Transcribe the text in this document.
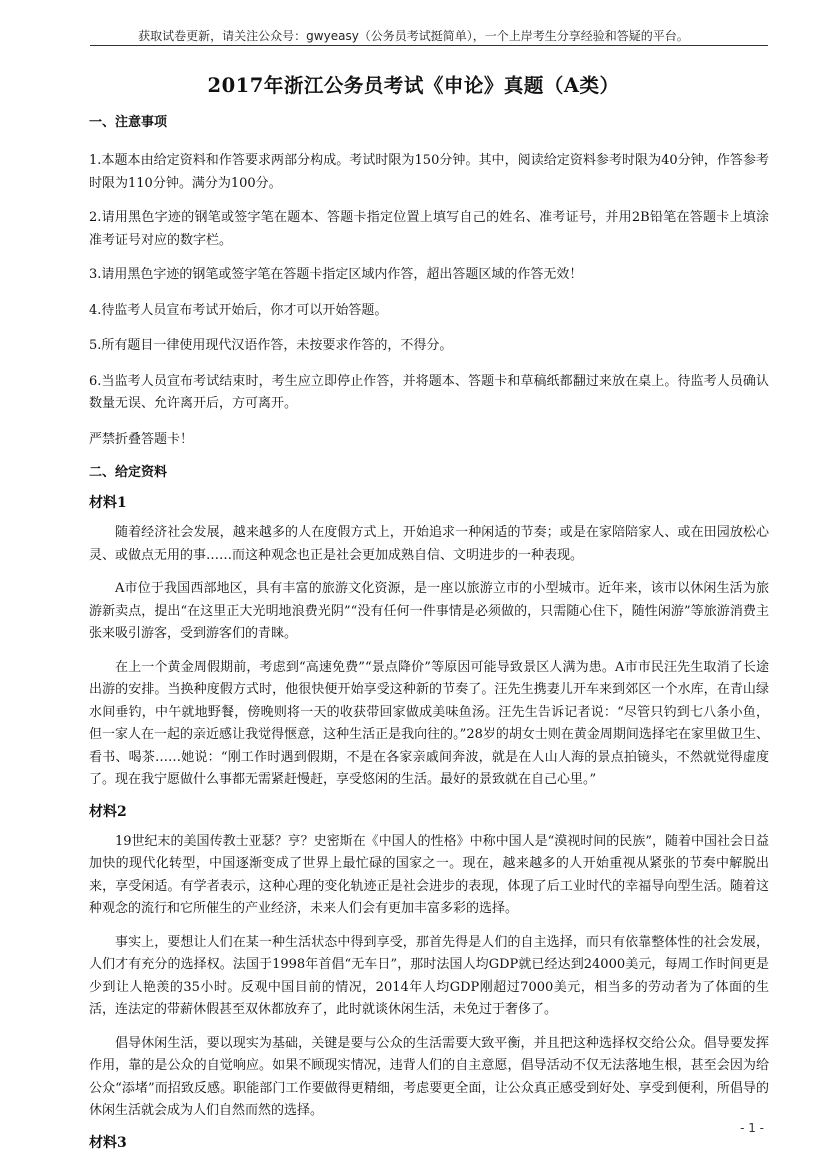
获取试卷更新，请关注公众号：gwyeasy（公务员考试挺简单），一个上岸考生分享经验和答疑的平台。
2017年浙江公务员考试《申论》真题（A类）
一、注意事项
1.本题本由给定资料和作答要求两部分构成。考试时限为150分钟。其中，阅读给定资料参考时限为40分钟，作答参考时限为110分钟。满分为100分。
2.请用黑色字迹的钢笔或签字笔在题本、答题卡指定位置上填写自己的姓名、准考证号，并用2B铅笔在答题卡上填涂准考证号对应的数字栏。
3.请用黑色字迹的钢笔或签字笔在答题卡指定区域内作答，超出答题区域的作答无效！
4.待监考人员宣布考试开始后，你才可以开始答题。
5.所有题目一律使用现代汉语作答，未按要求作答的，不得分。
6.当监考人员宣布考试结束时，考生应立即停止作答，并将题本、答题卡和草稿纸都翻过来放在桌上。待监考人员确认数量无误、允许离开后，方可离开。
严禁折叠答题卡！
二、给定资料
材料1
随着经济社会发展，越来越多的人在度假方式上，开始追求一种闲适的节奏；或是在家陪陪家人、或在田园放松心灵、或做点无用的事……而这种观念也正是社会更加成熟自信、文明进步的一种表现。
A市位于我国西部地区，具有丰富的旅游文化资源，是一座以旅游立市的小型城市。近年来，该市以休闲生活为旅游新卖点，提出“在这里正大光明地浪费光阴”“没有任何一件事情是必须做的，只需随心住下，随性闲游”等旅游消费主张来吸引游客，受到游客们的青睐。
在上一个黄金周假期前，考虑到“高速免费”“景点降价”等原因可能导致景区人满为患。A市市民汪先生取消了长途出游的安排。当换种度假方式时，他很快便开始享受这种新的节奏了。汪先生携妻儿开车来到郊区一个水库，在青山绿水间垂钓，中午就地野餐，傍晚则将一天的收获带回家做成美味鱼汤。汪先生告诉记者说：“尽管只钓到七八条小鱼，但一家人在一起的亲近感让我觉得惬意，这种生活正是我向往的。”28岁的胡女士则在黄金周期间选择宅在家里做卫生、看书、喝茶……她说：“刚工作时遇到假期，不是在各家亲戚间奔波，就是在人山人海的景点拍镜头，不然就觉得虚度了。现在我宁愿做什么事都无需紧赶慢赶，享受悠闲的生活。最好的景致就在自己心里。”
材料2
19世纪末的美国传教士亚瑟？亨？史密斯在《中国人的性格》中称中国人是“漠视时间的民族”，随着中国社会日益加快的现代化转型，中国逐渐变成了世界上最忙碌的国家之一。现在，越来越多的人开始重视从紧张的节奏中解脱出来，享受闲适。有学者表示，这种心理的变化轨迹正是社会进步的表现，体现了后工业时代的幸福导向型生活。随着这种观念的流行和它所催生的产业经济，未来人们会有更加丰富多彩的选择。
事实上，要想让人们在某一种生活状态中得到享受，那首先得是人们的自主选择，而只有依靠整体性的社会发展，人们才有充分的选择权。法国于1998年首倡“无车日”，那时法国人均GDP就已经达到24000美元，每周工作时间更是少到让人艳羡的35小时。反观中国目前的情况，2014年人均GDP刚超过7000美元，相当多的劳动者为了体面的生活，连法定的带薪休假甚至双休都放弃了，此时就谈休闲生活，未免过于奢侈了。
倡导休闲生活，要以现实为基础，关键是要与公众的生活需要大致平衡，并且把这种选择权交给公众。倡导要发挥作用，靠的是公众的自觉响应。如果不顾现实情况，违背人们的自主意愿，倡导活动不仅无法落地生根，甚至会因为给公众“添堵”而招致反感。职能部门工作要做得更精细，考虑要更全面，让公众真正感受到好处、享受到便利，所倡导的休闲生活就会成为人们自然而然的选择。
材料3
- 1 -
